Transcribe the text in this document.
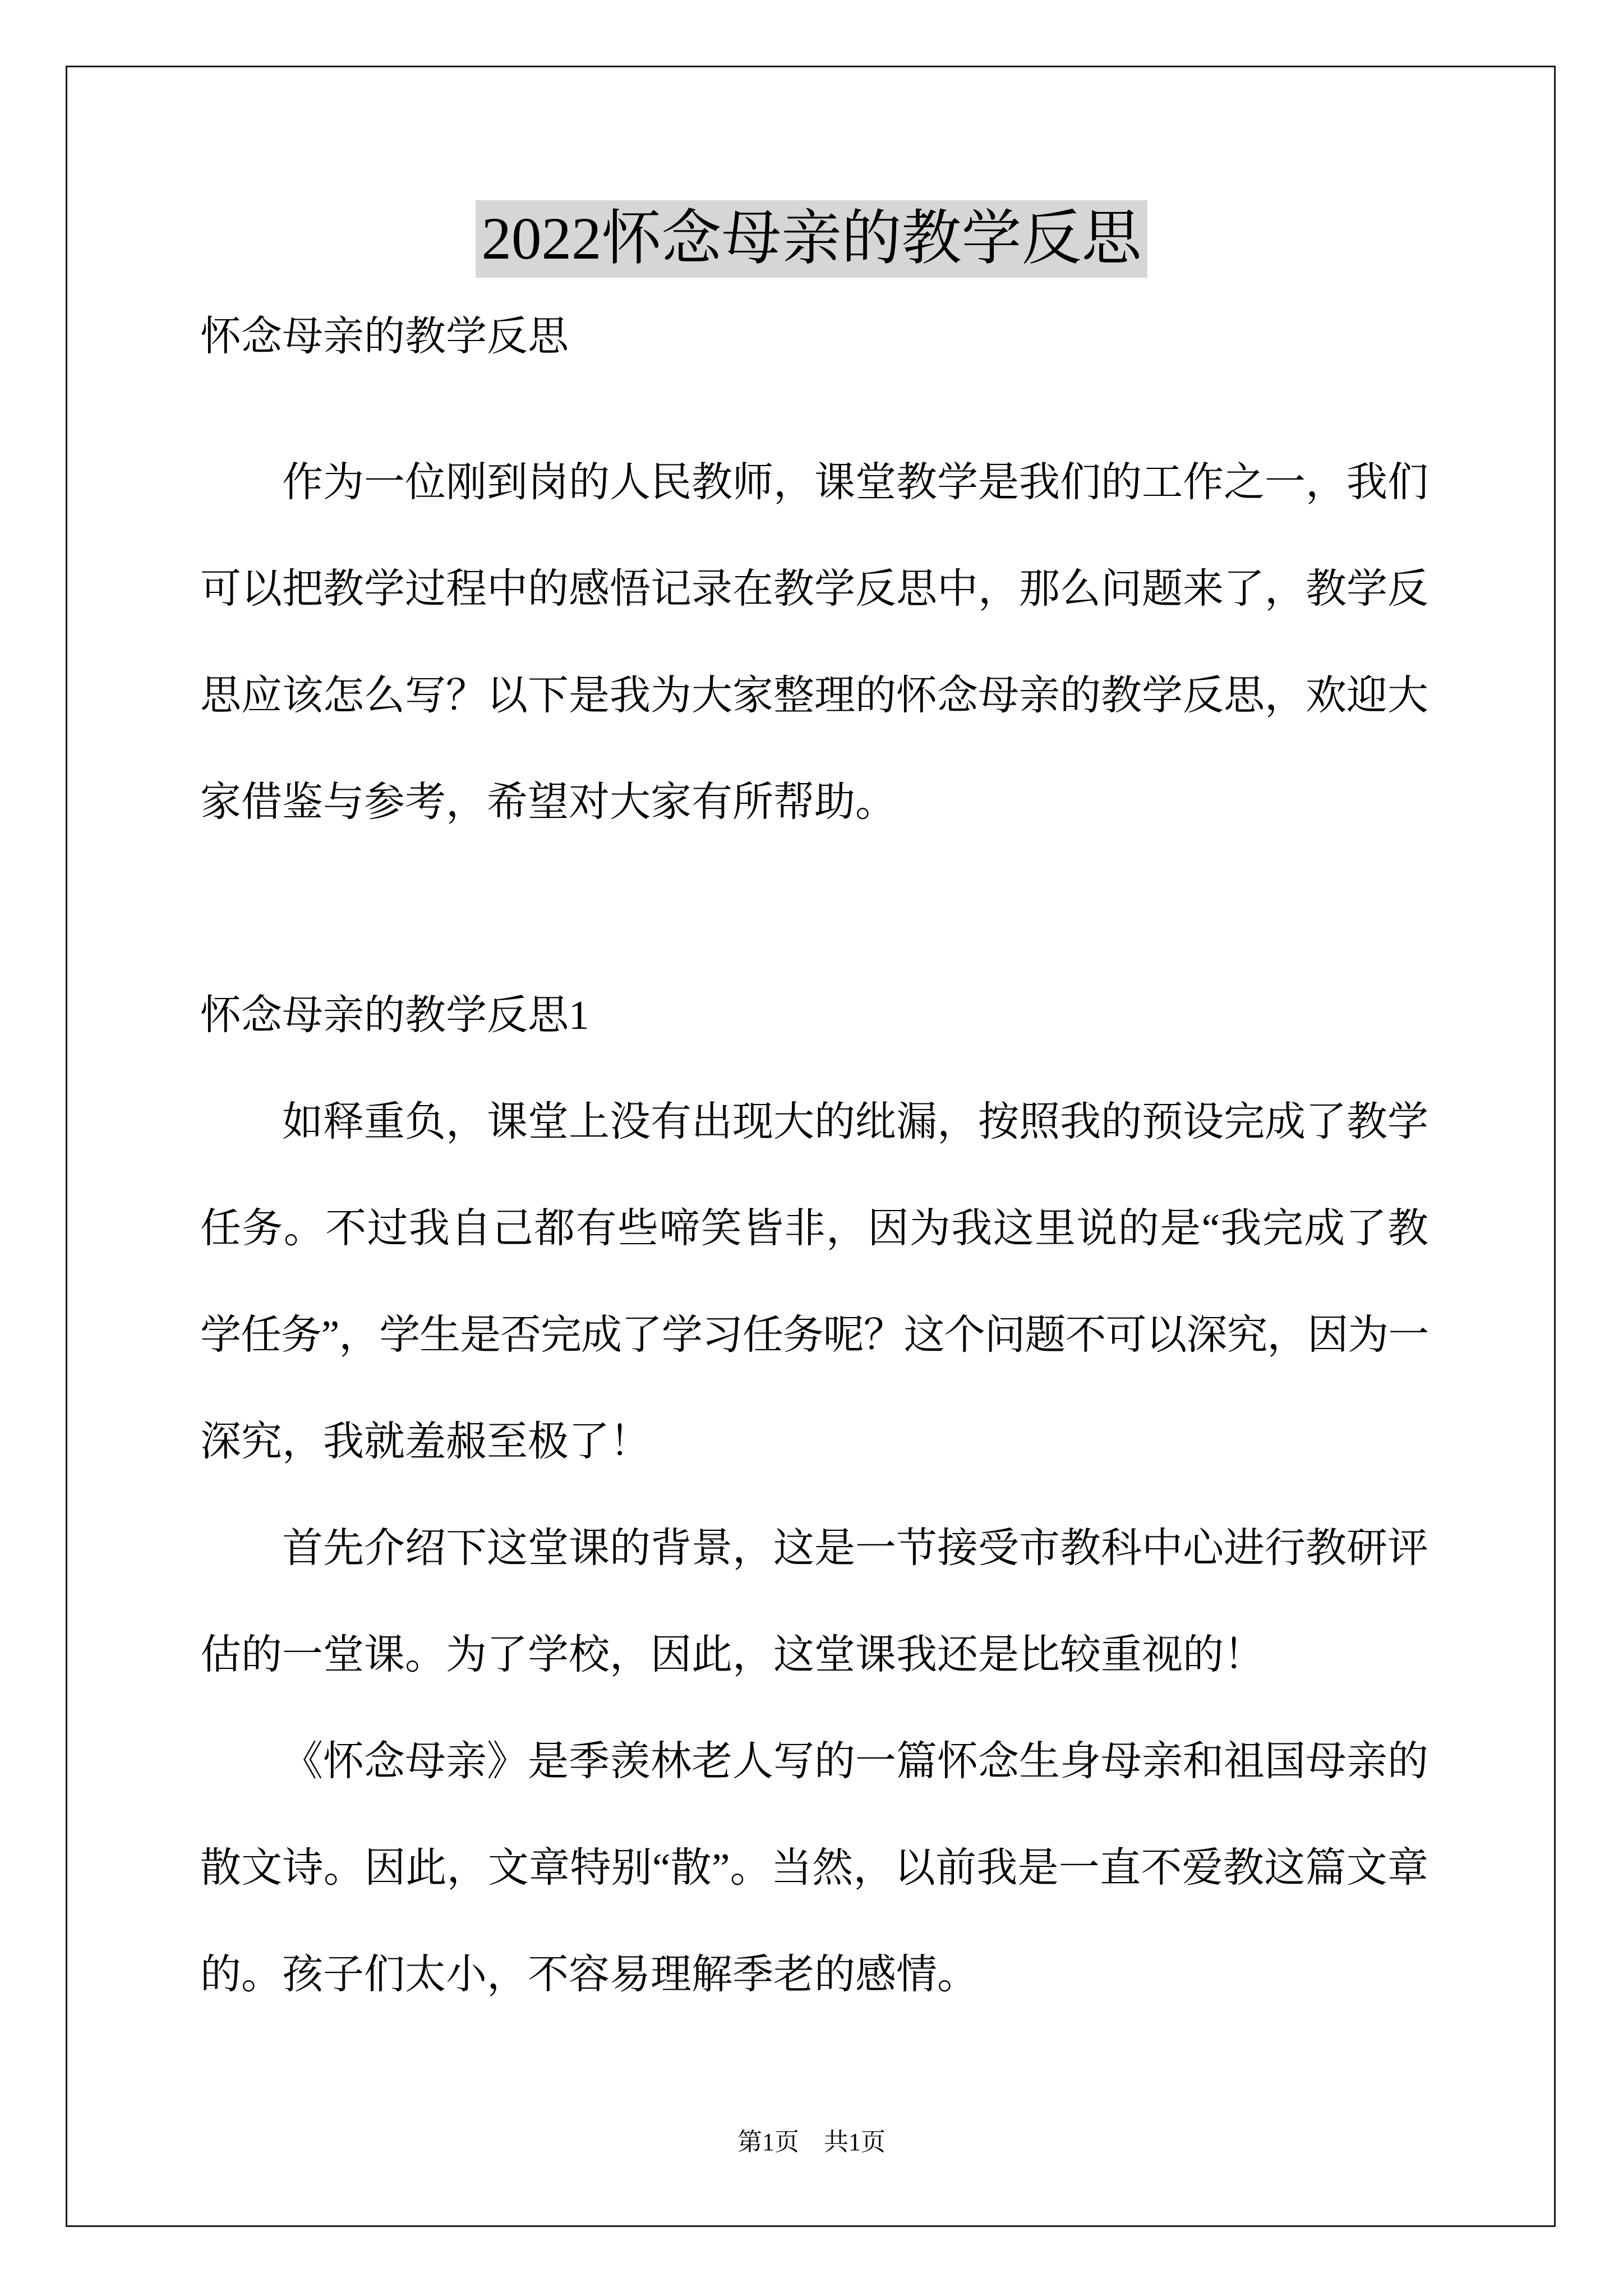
2022怀念母亲的教学反思
怀念母亲的教学反思
作为一位刚到岗的人民教师，课堂教学是我们的工作之一，我们
可以把教学过程中的感悟记录在教学反思中，那么问题来了，教学反
思应该怎么写？以下是我为大家整理的怀念母亲的教学反思，欢迎大
家借鉴与参考，希望对大家有所帮助。
怀念母亲的教学反思1
如释重负，课堂上没有出现大的纰漏，按照我的预设完成了教学
任务。不过我自己都有些啼笑皆非，因为我这里说的是“我完成了教
学任务”，学生是否完成了学习任务呢？这个问题不可以深究，因为一
深究，我就羞赧至极了！
首先介绍下这堂课的背景，这是一节接受市教科中心进行教研评
估的一堂课。为了学校，因此，这堂课我还是比较重视的！
《怀念母亲》是季羡林老人写的一篇怀念生身母亲和祖国母亲的
散文诗。因此，文章特别“散”。当然，以前我是一直不爱教这篇文章
的。孩子们太小，不容易理解季老的感情。
第1页 共1页
